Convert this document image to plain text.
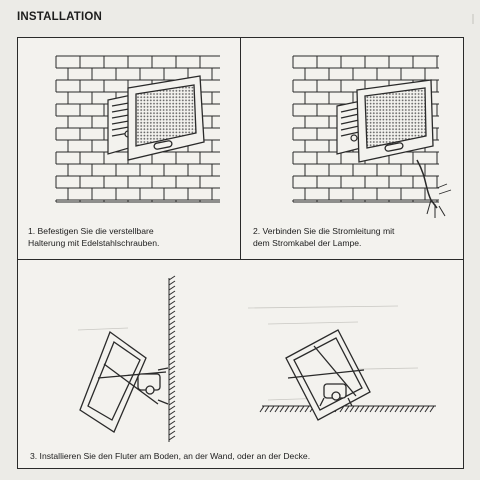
INSTALLATION
1. Befestigen Sie die verstellbare
Halterung mit Edelstahlschrauben.
2. Verbinden Sie die Stromleitung mit
dem Stromkabel der Lampe.
3. Installieren Sie den Fluter am Boden, an der Wand, oder an der Decke.
